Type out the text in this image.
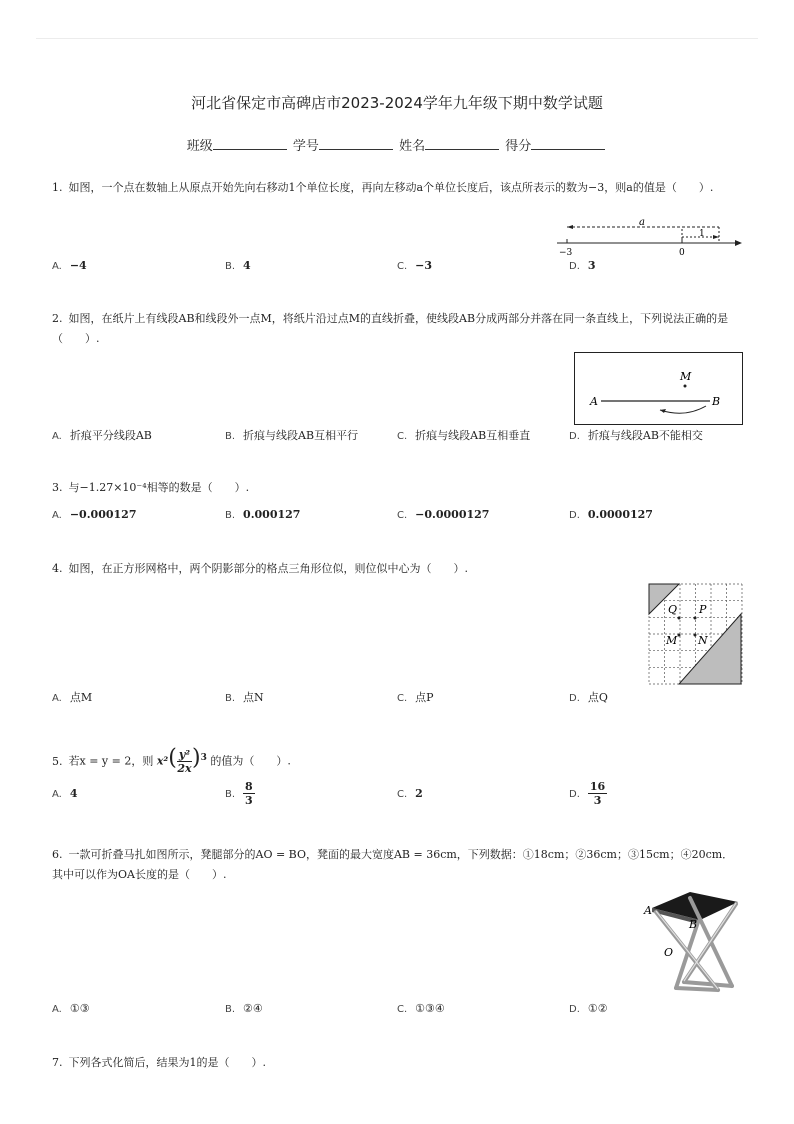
河北省保定市高碑店市2023-2024学年九年级下期中数学试题
班级	学号	姓名	得分
1. 如图，一个点在数轴上从原点开始先向右移动1个单位长度，再向左移动a个单位长度后，该点所表示的数为−3，则a的值是（　　）.
a
1
−3	0
A. −4	B. 4	C. −3	D. 3
2. 如图，在纸片上有线段AB和线段外一点M，将纸片沿过点M的直线折叠，使线段AB分成两部分并落在同一条直线上，下列说法正确的是（　　）.
M
A	B
A. 折痕平分线段AB	B. 折痕与线段AB互相平行	C. 折痕与线段AB互相垂直	D. 折痕与线段AB不能相交
3. 与−1.27×10⁻⁴相等的数是（　　）.
A. −0.000127	B. 0.000127	C. −0.0000127	D. 0.0000127
4. 如图，在正方形网格中，两个阴影部分的格点三角形位似，则位似中心为（　　）.
Q P
M N
A. 点M	B. 点N	C. 点P	D. 点Q
5. 若x = y = 2，则 $x^2( \frac{\text{y²}}{2x} )^3$ 的值为（　　）.
A. 4	B. $\frac{8}{3}$	C. 2	D. $\frac{16}{3}$
6. 一款可折叠马扎如图所示，凳腿部分的AO = BO，凳面的最大宽度AB = 36cm，下列数据：①18cm；②36cm；③15cm；④20cm．其中可以作为OA长度的是（　　）.
A
B
O
A. ①③	B. ②④	C. ①③④	D. ①②
7. 下列各式化简后，结果为1的是（　　）.
